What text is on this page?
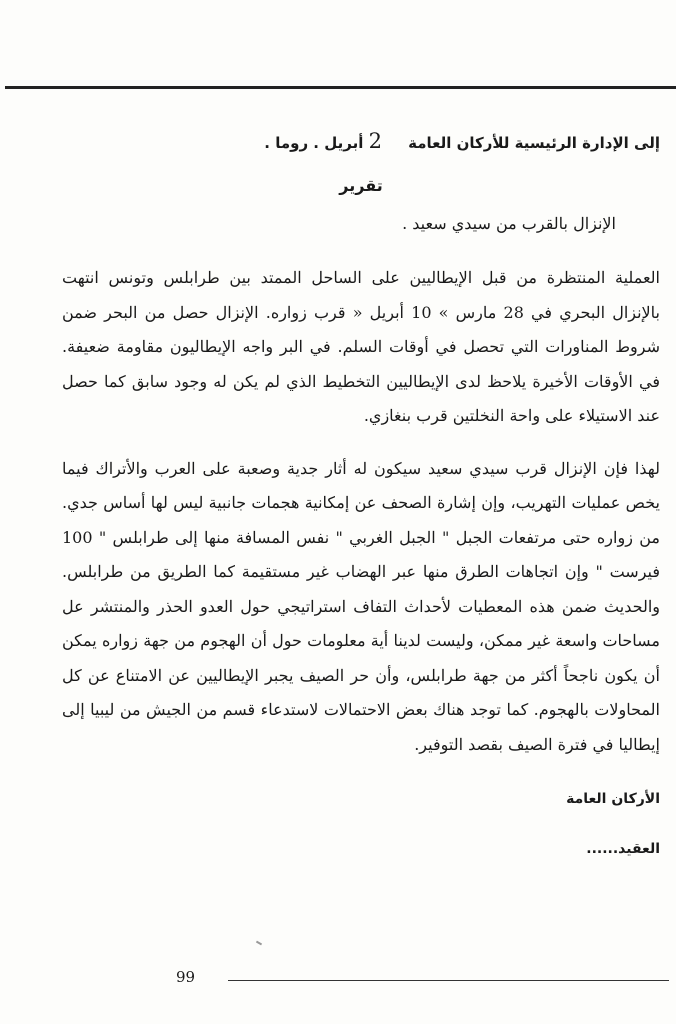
إلى الإدارة الرئيسية للأركان العامة     2 أبريل . روما .
تقرير
الإنزال بالقرب من سيدي سعيد .

العملية المنتظرة من قبل الإيطاليين على الساحل الممتد بين طرابلس وتونس انتهت بالإنزال البحري في 28 مارس » 10 أبريل « قرب زواره. الإنزال حصل من البحر ضمن شروط المناورات التي تحصل في أوقات السلم. في البر واجه الإيطاليون مقاومة ضعيفة. في الأوقات الأخيرة يلاحظ لدى الإيطاليين التخطيط الذي لم يكن له وجود سابق كما حصل عند الاستيلاء على واحة النخلتين قرب بنغازي.

لهذا فإن الإنزال قرب سيدي سعيد سيكون له أثار جدية وصعبة على العرب والأتراك فيما يخص عمليات التهريب، وإن إشارة الصحف عن إمكانية هجمات جانبية ليس لها أساس جدي. من زواره حتى مرتفعات الجبل " الجبل الغربي " نفس المسافة منها إلى طرابلس " 100 فيرست " وإن اتجاهات الطرق منها عبر الهضاب غير مستقيمة كما الطريق من طرابلس. والحديث ضمن هذه المعطيات لأحداث التفاف استراتيجي حول العدو الحذر والمنتشر عل مساحات واسعة غير ممكن، وليست لدينا أية معلومات حول أن الهجوم من جهة زواره يمكن أن يكون ناجحاً أكثر من جهة طرابلس، وأن حر الصيف يجبر الإيطاليين عن الامتناع عن كل المحاولات بالهجوم. كما توجد هناك بعض الاحتمالات لاستدعاء قسم من الجيش من ليبيا إلى إيطاليا في فترة الصيف بقصد التوفير.

الأركان العامة
العقيد......
99
